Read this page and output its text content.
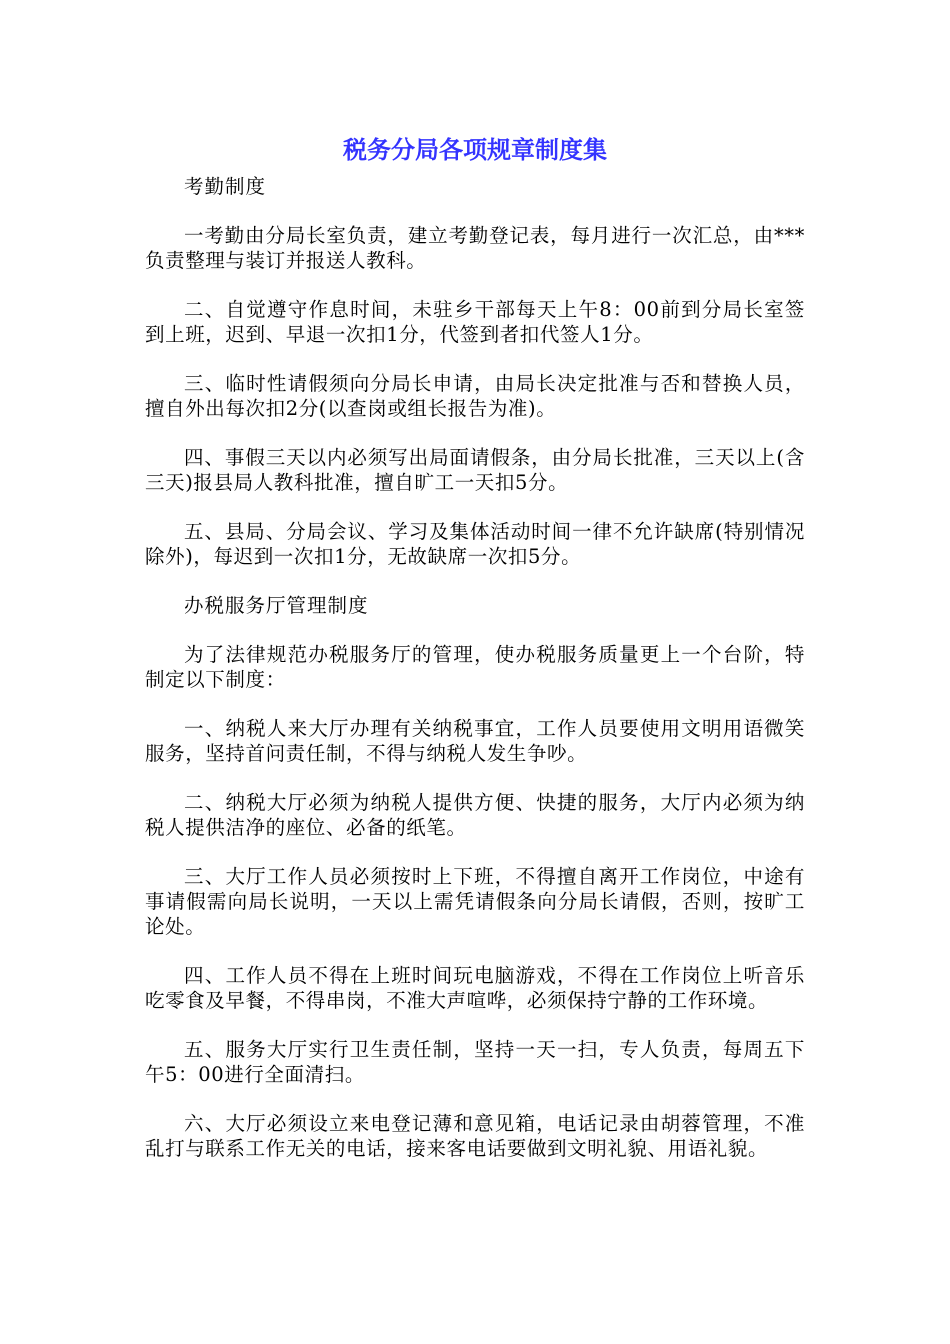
税务分局各项规章制度集

考勤制度

一考勤由分局长室负责，建立考勤登记表，每月进行一次汇总，由***负责整理与装订并报送人教科。

二、自觉遵守作息时间，未驻乡干部每天上午8：00前到分局长室签到上班，迟到、早退一次扣1分，代签到者扣代签人1分。

三、临时性请假须向分局长申请，由局长决定批准与否和替换人员，擅自外出每次扣2分(以查岗或组长报告为准)。

四、事假三天以内必须写出局面请假条，由分局长批准，三天以上(含三天)报县局人教科批准，擅自旷工一天扣5分。

五、县局、分局会议、学习及集体活动时间一律不允许缺席(特别情况除外)，每迟到一次扣1分，无故缺席一次扣5分。

办税服务厅管理制度

为了法律规范办税服务厅的管理，使办税服务质量更上一个台阶，特制定以下制度：

一、纳税人来大厅办理有关纳税事宜，工作人员要使用文明用语微笑服务，坚持首问责任制，不得与纳税人发生争吵。

二、纳税大厅必须为纳税人提供方便、快捷的服务，大厅内必须为纳税人提供洁净的座位、必备的纸笔。

三、大厅工作人员必须按时上下班，不得擅自离开工作岗位，中途有事请假需向局长说明，一天以上需凭请假条向分局长请假，否则，按旷工论处。

四、工作人员不得在上班时间玩电脑游戏，不得在工作岗位上听音乐吃零食及早餐，不得串岗，不准大声喧哗，必须保持宁静的工作环境。

五、服务大厅实行卫生责任制，坚持一天一扫，专人负责，每周五下午5：00进行全面清扫。

六、大厅必须设立来电登记薄和意见箱，电话记录由胡蓉管理，不准乱打与联系工作无关的电话，接来客电话要做到文明礼貌、用语礼貌。
